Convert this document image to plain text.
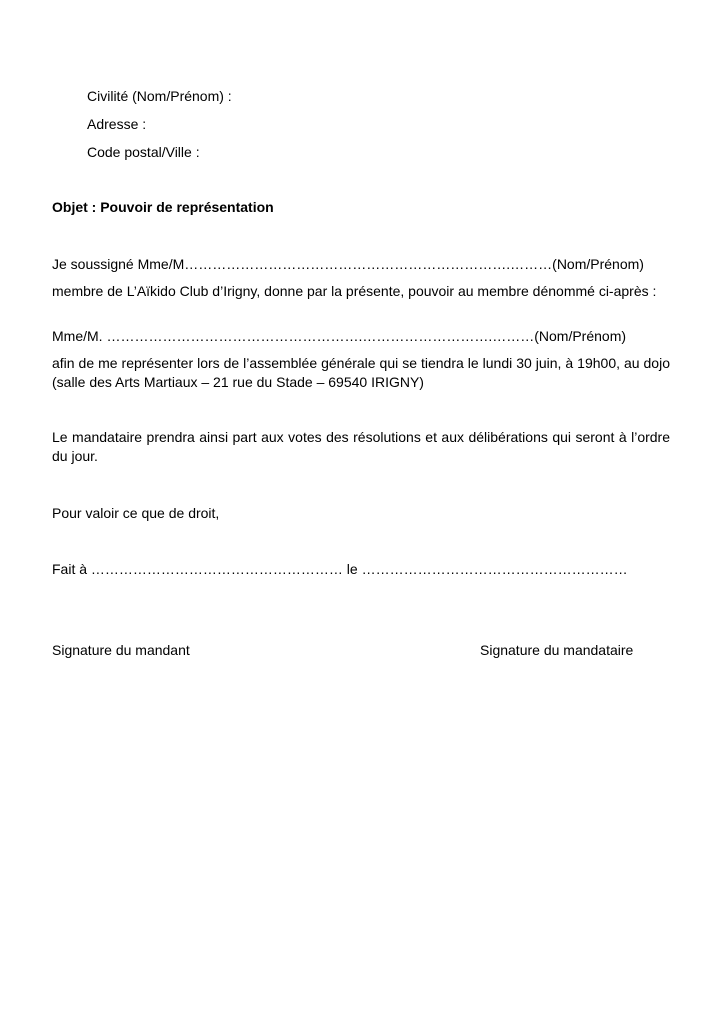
Civilité (Nom/Prénom) :
Adresse :
Code postal/Ville :
Objet : Pouvoir de représentation
Je soussigné Mme/M…………………………………………………………….………(Nom/Prénom)
membre de L’Aïkido Club d’Irigny, donne par la présente, pouvoir au membre dénommé ci-après :
Mme/M. ……………………………………………….……………………….………(Nom/Prénom)
afin de me représenter lors de l’assemblée générale qui se tiendra le lundi 30 juin, à 19h00, au dojo (salle des Arts Martiaux – 21 rue du Stade – 69540 IRIGNY)
Le mandataire prendra ainsi part aux votes des résolutions et aux délibérations qui seront à l’ordre du jour.
Pour valoir ce que de droit,
Fait à ……………………………………………… le …………………………………………………
Signature du mandant	Signature du mandataire
